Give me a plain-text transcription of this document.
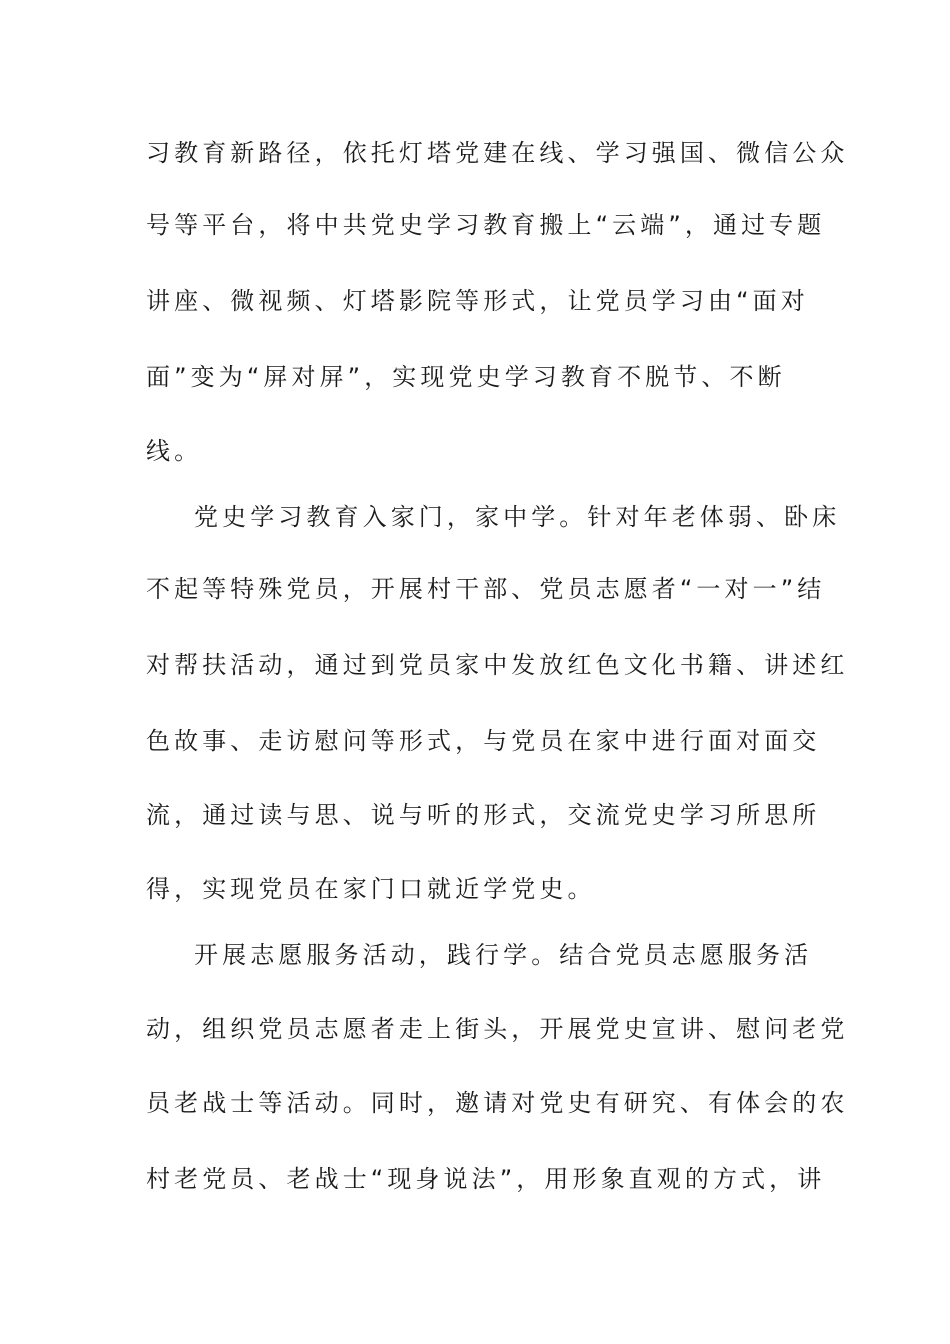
习教育新路径，依托灯塔党建在线、学习强国、微信公众
号等平台，将中共党史学习教育搬上“云端”，通过专题
讲座、微视频、灯塔影院等形式，让党员学习由“面对
面”变为“屏对屏”，实现党史学习教育不脱节、不断
线。
党史学习教育入家门，家中学。针对年老体弱、卧床
不起等特殊党员，开展村干部、党员志愿者“一对一”结
对帮扶活动，通过到党员家中发放红色文化书籍、讲述红
色故事、走访慰问等形式，与党员在家中进行面对面交
流，通过读与思、说与听的形式，交流党史学习所思所
得，实现党员在家门口就近学党史。
开展志愿服务活动，践行学。结合党员志愿服务活
动，组织党员志愿者走上街头，开展党史宣讲、慰问老党
员老战士等活动。同时，邀请对党史有研究、有体会的农
村老党员、老战士“现身说法”，用形象直观的方式，讲
